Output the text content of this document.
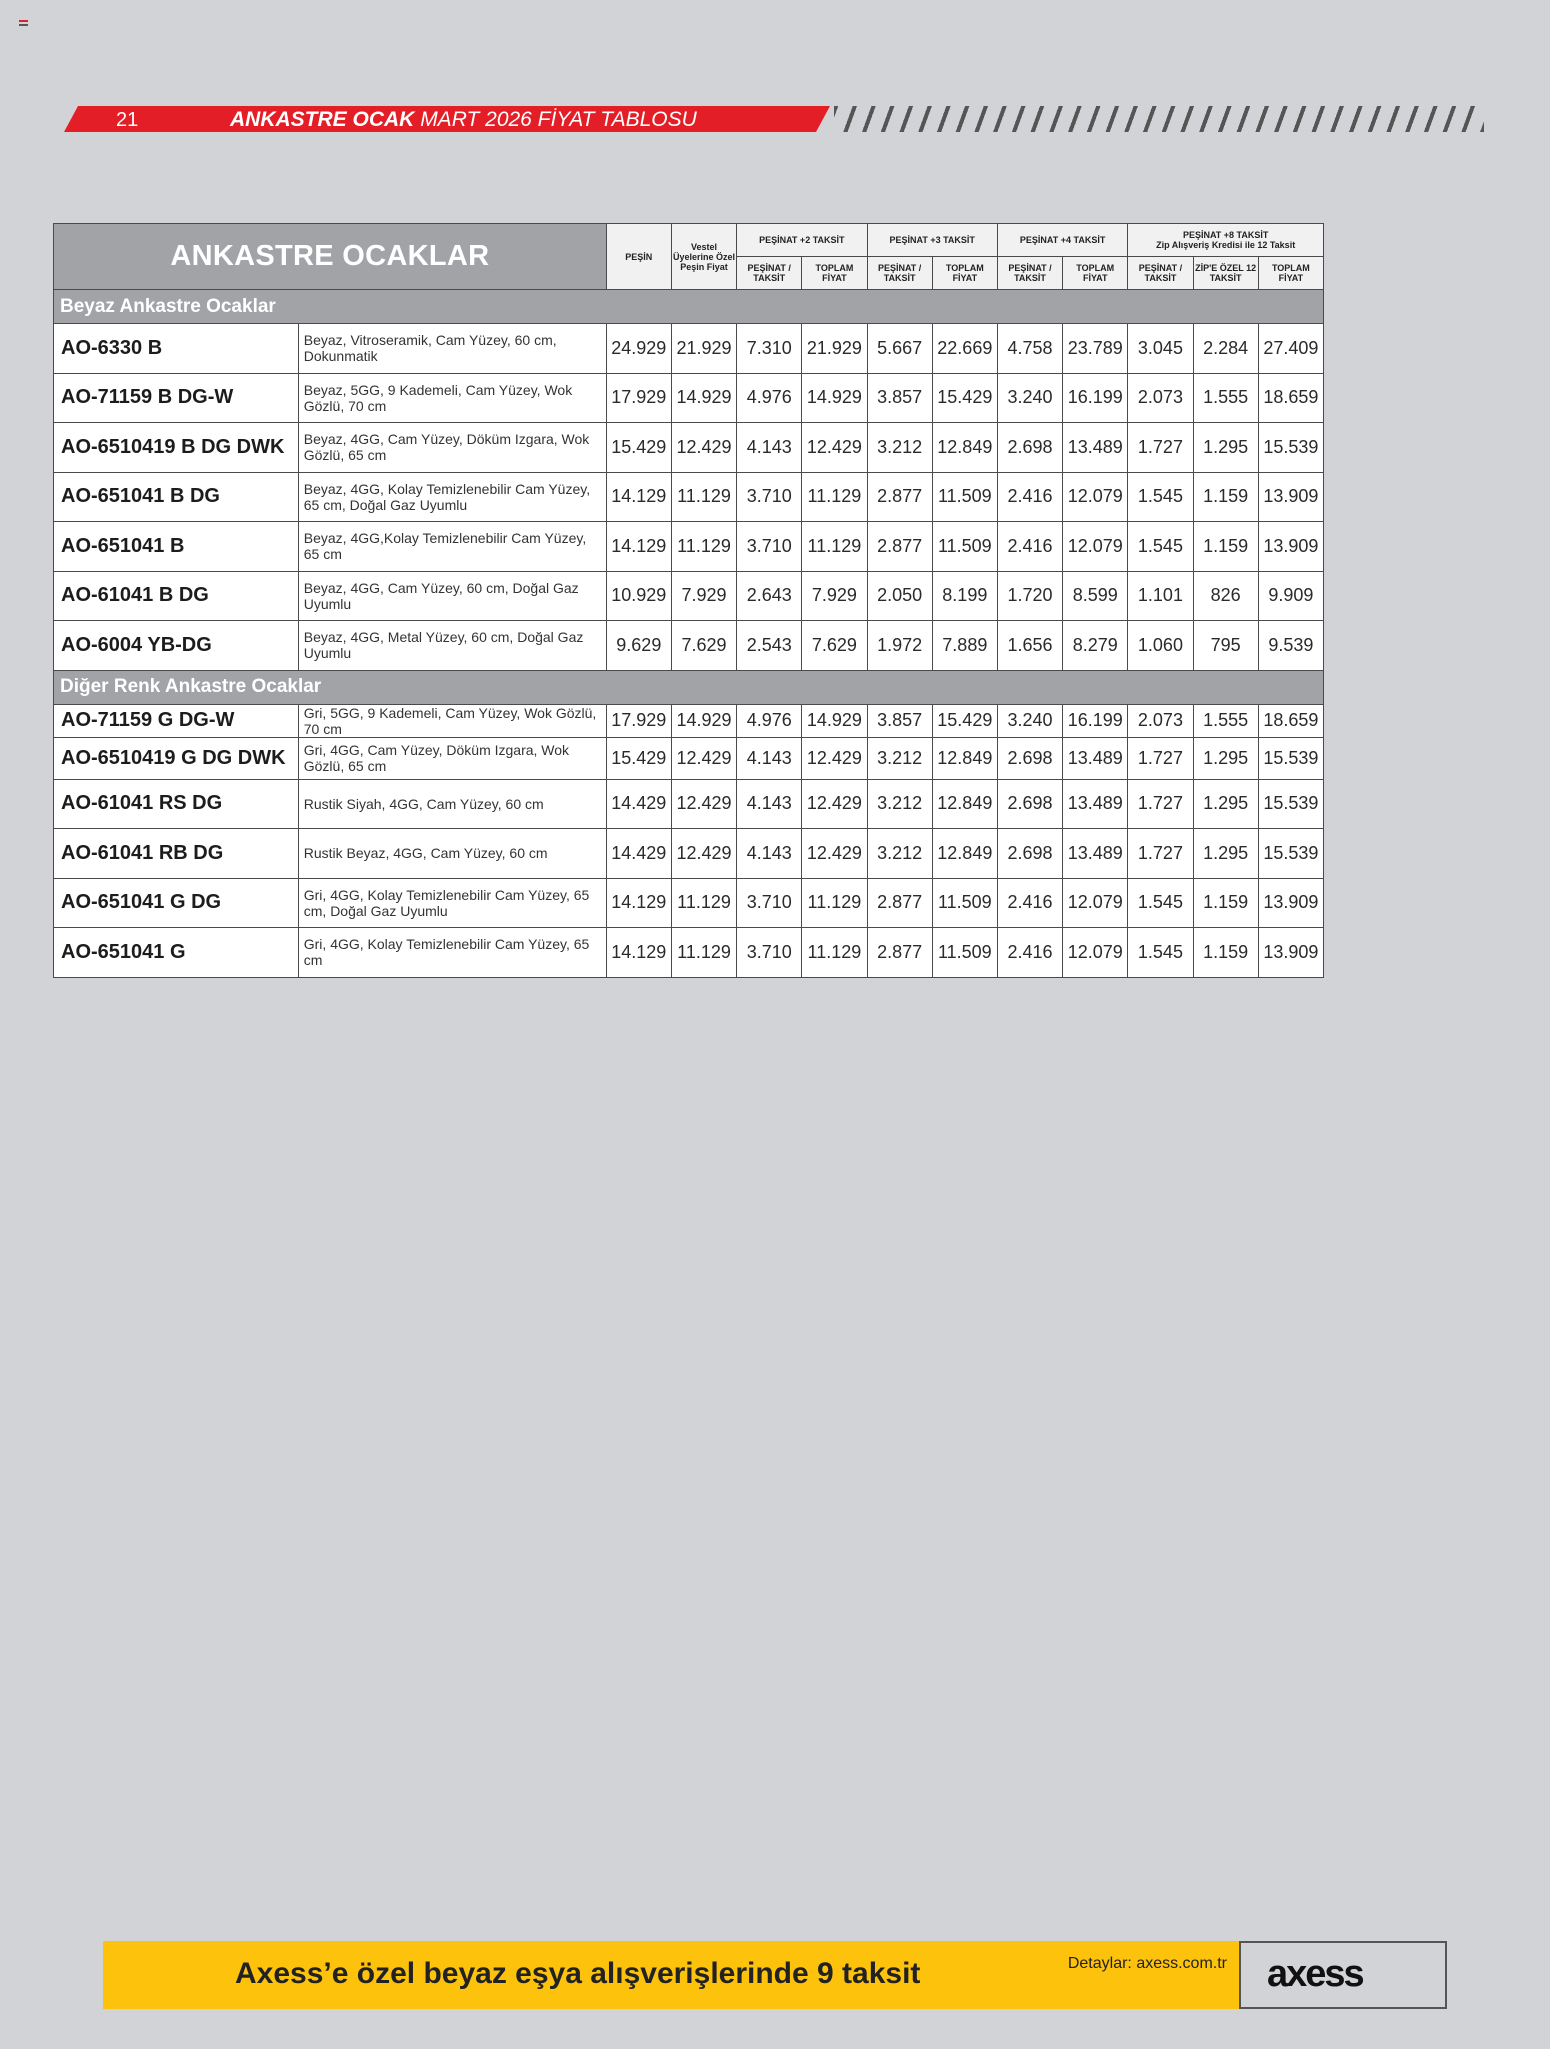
21	ANKASTRE OCAK MART 2026 FİYAT TABLOSU
ANKASTRE OCAKLAR		PEŞİN	Vestel Üyelerine Özel Peşin Fiyat	PEŞİNAT +2 TAKSİT		PEŞİNAT +3 TAKSİT		PEŞİNAT +4 TAKSİT		PEŞİNAT +8 TAKSİT
Zip Alışveriş Kredisi ile 12 Taksit		

				PEŞİNAT / TAKSİT	TOPLAM FİYAT	PEŞİNAT / TAKSİT	TOPLAM FİYAT	PEŞİNAT / TAKSİT	TOPLAM FİYAT	PEŞİNAT / TAKSİT	ZİP'E ÖZEL 12 TAKSİT	TOPLAM FİYAT
Beyaz Ankastre Ocaklar												
AO-6330 B	Beyaz, Vitroseramik, Cam Yüzey, 60 cm, Dokunmatik	24.929	21.929	7.310	21.929	5.667	22.669	4.758	23.789	3.045	2.284	27.409
AO-71159 B DG-W	Beyaz, 5GG, 9 Kademeli, Cam Yüzey, Wok Gözlü, 70 cm	17.929	14.929	4.976	14.929	3.857	15.429	3.240	16.199	2.073	1.555	18.659
AO-6510419 B DG DWK	Beyaz, 4GG, Cam Yüzey, Döküm Izgara, Wok Gözlü, 65 cm	15.429	12.429	4.143	12.429	3.212	12.849	2.698	13.489	1.727	1.295	15.539
AO-651041 B DG	Beyaz, 4GG, Kolay Temizlenebilir Cam Yüzey, 65 cm, Doğal Gaz Uyumlu	14.129	11.129	3.710	11.129	2.877	11.509	2.416	12.079	1.545	1.159	13.909
AO-651041 B	Beyaz, 4GG,Kolay Temizlenebilir Cam Yüzey, 65 cm	14.129	11.129	3.710	11.129	2.877	11.509	2.416	12.079	1.545	1.159	13.909
AO-61041 B DG	Beyaz, 4GG, Cam Yüzey, 60 cm, Doğal Gaz Uyumlu	10.929	7.929	2.643	7.929	2.050	8.199	1.720	8.599	1.101	826	9.909
AO-6004 YB-DG	Beyaz, 4GG, Metal Yüzey, 60 cm, Doğal Gaz Uyumlu	9.629	7.629	2.543	7.629	1.972	7.889	1.656	8.279	1.060	795	9.539
Diğer Renk Ankastre Ocaklar												
AO-71159 G DG-W	Gri, 5GG, 9 Kademeli, Cam Yüzey, Wok Gözlü, 70 cm	17.929	14.929	4.976	14.929	3.857	15.429	3.240	16.199	2.073	1.555	18.659
AO-6510419 G DG DWK	Gri, 4GG, Cam Yüzey, Döküm Izgara, Wok Gözlü, 65 cm	15.429	12.429	4.143	12.429	3.212	12.849	2.698	13.489	1.727	1.295	15.539
AO-61041 RS DG	Rustik Siyah, 4GG, Cam Yüzey, 60 cm	14.429	12.429	4.143	12.429	3.212	12.849	2.698	13.489	1.727	1.295	15.539
AO-61041 RB DG	Rustik Beyaz, 4GG, Cam Yüzey, 60 cm	14.429	12.429	4.143	12.429	3.212	12.849	2.698	13.489	1.727	1.295	15.539
AO-651041 G DG	Gri, 4GG, Kolay Temizlenebilir Cam Yüzey, 65 cm, Doğal Gaz Uyumlu	14.129	11.129	3.710	11.129	2.877	11.509	2.416	12.079	1.545	1.159	13.909
AO-651041 G	Gri, 4GG, Kolay Temizlenebilir Cam Yüzey, 65 cm	14.129	11.129	3.710	11.129	2.877	11.509	2.416	12.079	1.545	1.159	13.909
Axess’e özel beyaz eşya alışverişlerinde 9 taksit	Detaylar: axess.com.tr axess
